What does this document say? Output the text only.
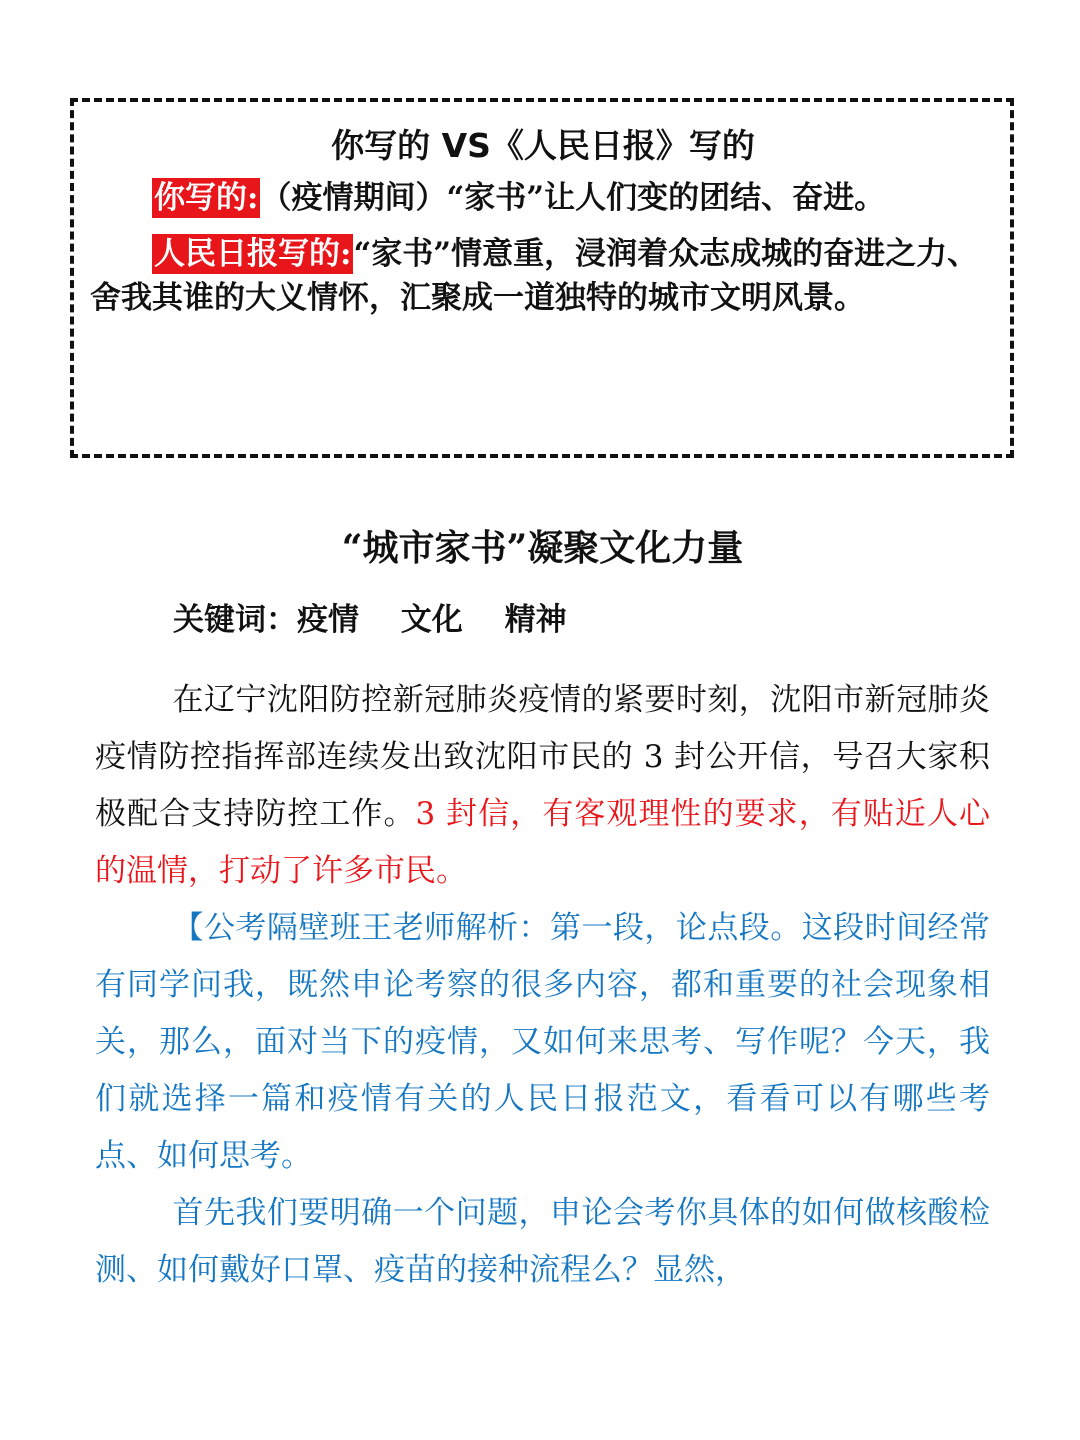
你写的 VS《人民日报》写的

你写的:（疫情期间）“家书”让人们变的团结、奋进。

人民日报写的:“家书”情意重，浸润着众志成城的奋进之力、舍我其谁的大义情怀，汇聚成一道独特的城市文明风景。

“城市家书”凝聚文化力量
关键词：疫情　 文化　 精神

在辽宁沈阳防控新冠肺炎疫情的紧要时刻，沈阳市新冠肺炎疫情防控指挥部连续发出致沈阳市民的 3 封公开信，号召大家积极配合支持防控工作。3 封信，有客观理性的要求，有贴近人心的温情，打动了许多市民。

【公考隔壁班王老师解析：第一段，论点段。这段时间经常有同学问我，既然申论考察的很多内容，都和重要的社会现象相关，那么，面对当下的疫情，又如何来思考、写作呢？今天，我们就选择一篇和疫情有关的人民日报范文，看看可以有哪些考点、如何思考。

首先我们要明确一个问题，申论会考你具体的如何做核酸检测、如何戴好口罩、疫苗的接种流程么？显然，
